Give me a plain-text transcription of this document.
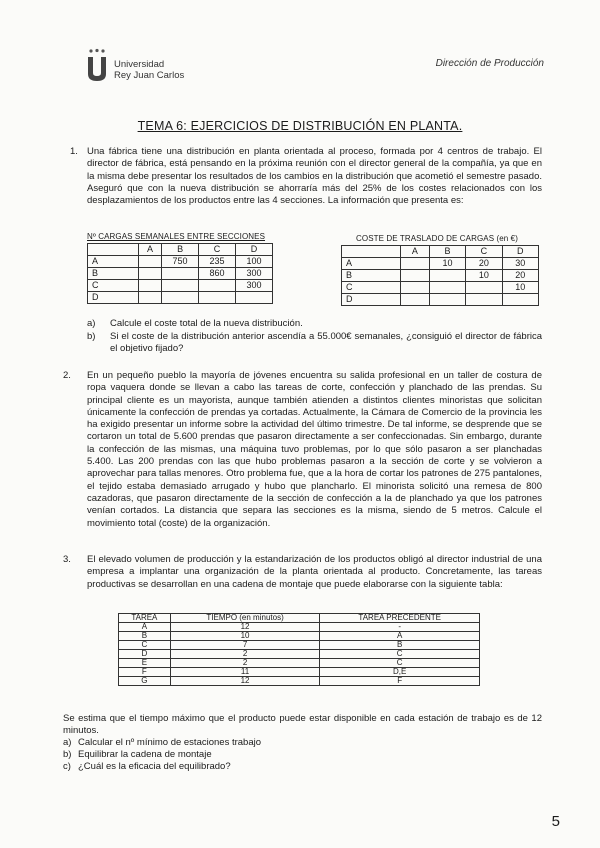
Universidad
Rey Juan Carlos
Dirección de Producción
TEMA 6: EJERCICIOS DE DISTRIBUCIÓN EN PLANTA.
1. Una fábrica tiene una distribución en planta orientada al proceso, formada por 4 centros de trabajo. El director de fábrica, está pensando en la próxima reunión con el director general de la compañía, ya que en la misma debe presentar los resultados de los cambios en la distribución que acometió el semestre pasado. Aseguró que con la nueva distribución se ahorraría más del 25% de los costes relacionados con los desplazamientos de los productos entre las 4 secciones. La información que presenta es:
Nº CARGAS SEMANALES ENTRE SECCIONES
	A	B	C	D
A		750	235	100
B			860	300
C				300
D				
COSTE DE TRASLADO DE CARGAS (en €)
	A	B	C	D
A		10	20	30
B			10	20
C				10
D				
a) Calcule el coste total de la nueva distribución.
b) Si el coste de la distribución anterior ascendía a 55.000€ semanales, ¿consiguió el director de fábrica el objetivo fijado?
2. En un pequeño pueblo la mayoría de jóvenes encuentra su salida profesional en un taller de costura de ropa vaquera donde se llevan a cabo las tareas de corte, confección y planchado de las prendas. Su principal cliente es un mayorista, aunque también atienden a distintos clientes minoristas que solicitan únicamente la confección de prendas ya cortadas. Actualmente, la Cámara de Comercio de la provincia les ha exigido presentar un informe sobre la actividad del último trimestre. De tal informe, se desprende que se cortaron un total de 5.600 prendas que pasaron directamente a ser confeccionadas. Sin embargo, durante la confección de las mismas, una máquina tuvo problemas, por lo que sólo pasaron a ser planchadas 5.400. Las 200 prendas con las que hubo problemas pasaron a la sección de corte y se volvieron a aprovechar para tallas menores. Otro problema fue, que a la hora de cortar los patrones de 275 pantalones, el tejido estaba demasiado arrugado y hubo que plancharlo. El minorista solicitó una remesa de 800 cazadoras, que pasaron directamente de la sección de confección a la de planchado ya que los patrones venían cortados. La distancia que separa las secciones es la misma, siendo de 5 metros. Calcule el movimiento total (coste) de la organización.
3. El elevado volumen de producción y la estandarización de los productos obligó al director industrial de una empresa a implantar una organización de la planta orientada al producto. Concretamente, las tareas productivas se desarrollan en una cadena de montaje que puede elaborarse con la siguiente tabla:
TAREA	TIEMPO (en minutos)	TAREA PRECEDENTE
A	12	-
B	10	A
C	7	B
D	2	C
E	2	C
F	11	D,E
G	12	F
Se estima que el tiempo máximo que el producto puede estar disponible en cada estación de trabajo es de 12 minutos.
a) Calcular el nº mínimo de estaciones trabajo
b) Equilibrar la cadena de montaje
c) ¿Cuál es la eficacia del equilibrado?
5
